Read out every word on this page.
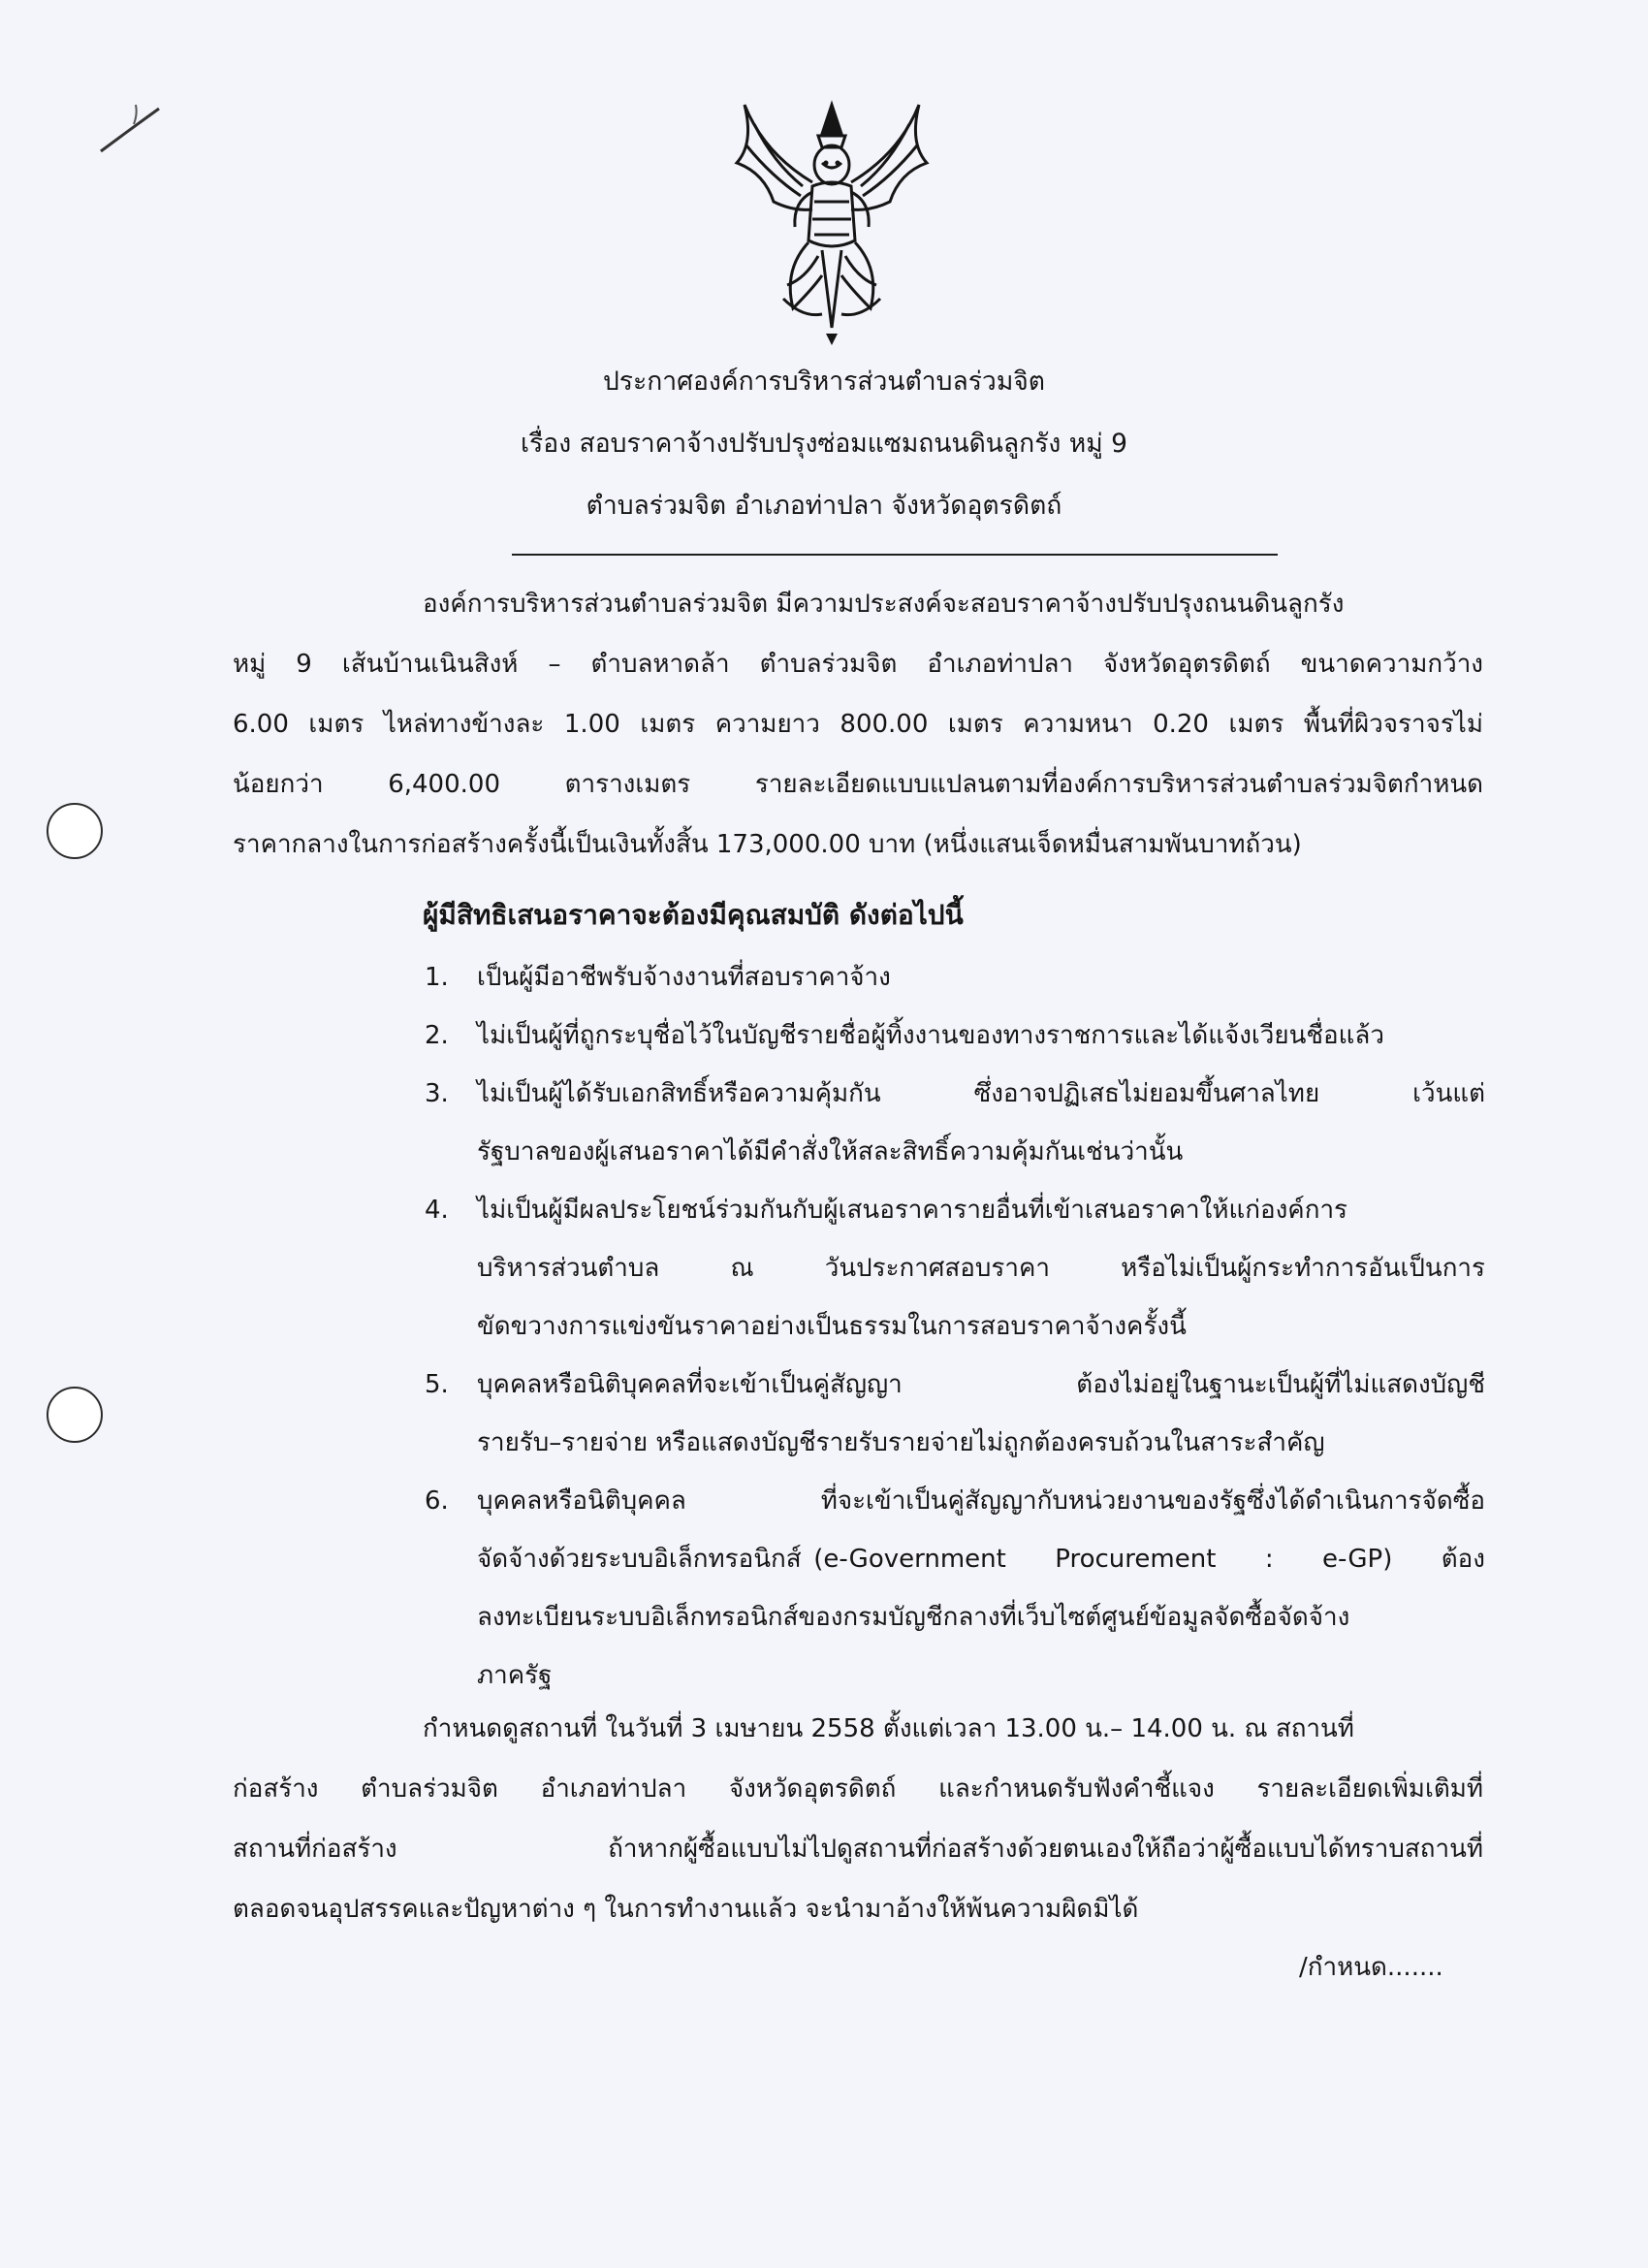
ประกาศองค์การบริหารส่วนตำบลร่วมจิต
เรื่อง สอบราคาจ้างปรับปรุงซ่อมแซมถนนดินลูกรัง หมู่ 9
ตำบลร่วมจิต อำเภอท่าปลา จังหวัดอุตรดิตถ์
องค์การบริหารส่วนตำบลร่วมจิต มีความประสงค์จะสอบราคาจ้างปรับปรุงถนนดินลูกรัง
หมู่ 9 เส้นบ้านเนินสิงห์ – ตำบลหาดล้า ตำบลร่วมจิต อำเภอท่าปลา จังหวัดอุตรดิตถ์ ขนาดความกว้าง
6.00 เมตร ไหล่ทางข้างละ 1.00 เมตร ความยาว 800.00 เมตร ความหนา 0.20 เมตร พื้นที่ผิวจราจรไม่
น้อยกว่า 6,400.00 ตารางเมตร รายละเอียดแบบแปลนตามที่องค์การบริหารส่วนตำบลร่วมจิตกำหนด
ราคากลางในการก่อสร้างครั้งนี้เป็นเงินทั้งสิ้น 173,000.00 บาท (หนึ่งแสนเจ็ดหมื่นสามพันบาทถ้วน)
ผู้มีสิทธิเสนอราคาจะต้องมีคุณสมบัติ ดังต่อไปนี้
1. เป็นผู้มีอาชีพรับจ้างงานที่สอบราคาจ้าง
2. ไม่เป็นผู้ที่ถูกระบุชื่อไว้ในบัญชีรายชื่อผู้ทิ้งงานของทางราชการและได้แจ้งเวียนชื่อแล้ว
3. ไม่เป็นผู้ได้รับเอกสิทธิ์หรือความคุ้มกัน ซึ่งอาจปฏิเสธไม่ยอมขึ้นศาลไทย เว้นแต่
รัฐบาลของผู้เสนอราคาได้มีคำสั่งให้สละสิทธิ์ความคุ้มกันเช่นว่านั้น
4. ไม่เป็นผู้มีผลประโยชน์ร่วมกันกับผู้เสนอราคารายอื่นที่เข้าเสนอราคาให้แก่องค์การ
บริหารส่วนตำบล ณ วันประกาศสอบราคา หรือไม่เป็นผู้กระทำการอันเป็นการ
ขัดขวางการแข่งขันราคาอย่างเป็นธรรมในการสอบราคาจ้างครั้งนี้
5. บุคคลหรือนิติบุคคลที่จะเข้าเป็นคู่สัญญา ต้องไม่อยู่ในฐานะเป็นผู้ที่ไม่แสดงบัญชี
รายรับ–รายจ่าย หรือแสดงบัญชีรายรับรายจ่ายไม่ถูกต้องครบถ้วนในสาระสำคัญ
6. บุคคลหรือนิติบุคคล ที่จะเข้าเป็นคู่สัญญากับหน่วยงานของรัฐซึ่งได้ดำเนินการจัดซื้อ
จัดจ้างด้วยระบบอิเล็กทรอนิกส์ (e-Government    Procurement    :    e-GP)    ต้อง
ลงทะเบียนระบบอิเล็กทรอนิกส์ของกรมบัญชีกลางที่เว็บไซต์ศูนย์ข้อมูลจัดซื้อจัดจ้าง
ภาครัฐ
กำหนดดูสถานที่ ในวันที่ 3 เมษายน 2558 ตั้งแต่เวลา 13.00 น.– 14.00 น. ณ สถานที่
ก่อสร้าง ตำบลร่วมจิต อำเภอท่าปลา จังหวัดอุตรดิตถ์ และกำหนดรับฟังคำชี้แจง รายละเอียดเพิ่มเติมที่
สถานที่ก่อสร้าง ถ้าหากผู้ซื้อแบบไม่ไปดูสถานที่ก่อสร้างด้วยตนเองให้ถือว่าผู้ซื้อแบบได้ทราบสถานที่
ตลอดจนอุปสรรคและปัญหาต่าง ๆ ในการทำงานแล้ว จะนำมาอ้างให้พ้นความผิดมิได้
/กำหนด.......
